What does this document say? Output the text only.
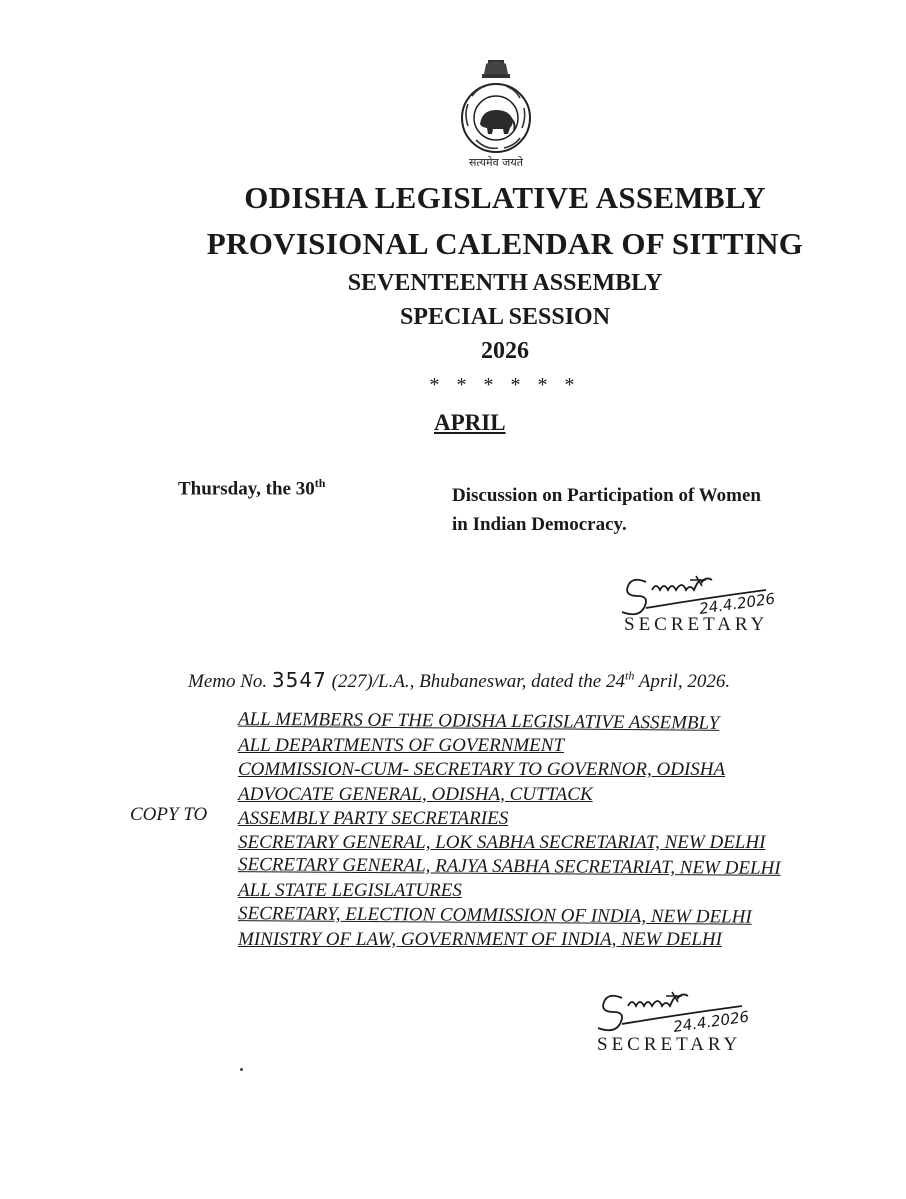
सत्यमेव जयते
ODISHA LEGISLATIVE ASSEMBLY
PROVISIONAL CALENDAR OF SITTING
SEVENTEENTH ASSEMBLY
SPECIAL SESSION
2026
* * * * * *
APRIL
Thursday, the 30th
Discussion on Participation of Women
in Indian Democracy.
24.4.2026
SECRETARY
Memo No. 3547 (227)/L.A., Bhubaneswar, dated the 24th April, 2026.
COPY TO
ALL MEMBERS OF THE ODISHA LEGISLATIVE ASSEMBLY
ALL DEPARTMENTS OF GOVERNMENT
COMMISSION-CUM- SECRETARY TO GOVERNOR, ODISHA
ADVOCATE GENERAL, ODISHA, CUTTACK
ASSEMBLY PARTY SECRETARIES
SECRETARY GENERAL, LOK SABHA SECRETARIAT, NEW DELHI
SECRETARY GENERAL, RAJYA SABHA SECRETARIAT, NEW DELHI
ALL STATE LEGISLATURES
SECRETARY, ELECTION COMMISSION OF INDIA, NEW DELHI
MINISTRY OF LAW, GOVERNMENT OF INDIA, NEW DELHI
24.4.2026
SECRETARY
